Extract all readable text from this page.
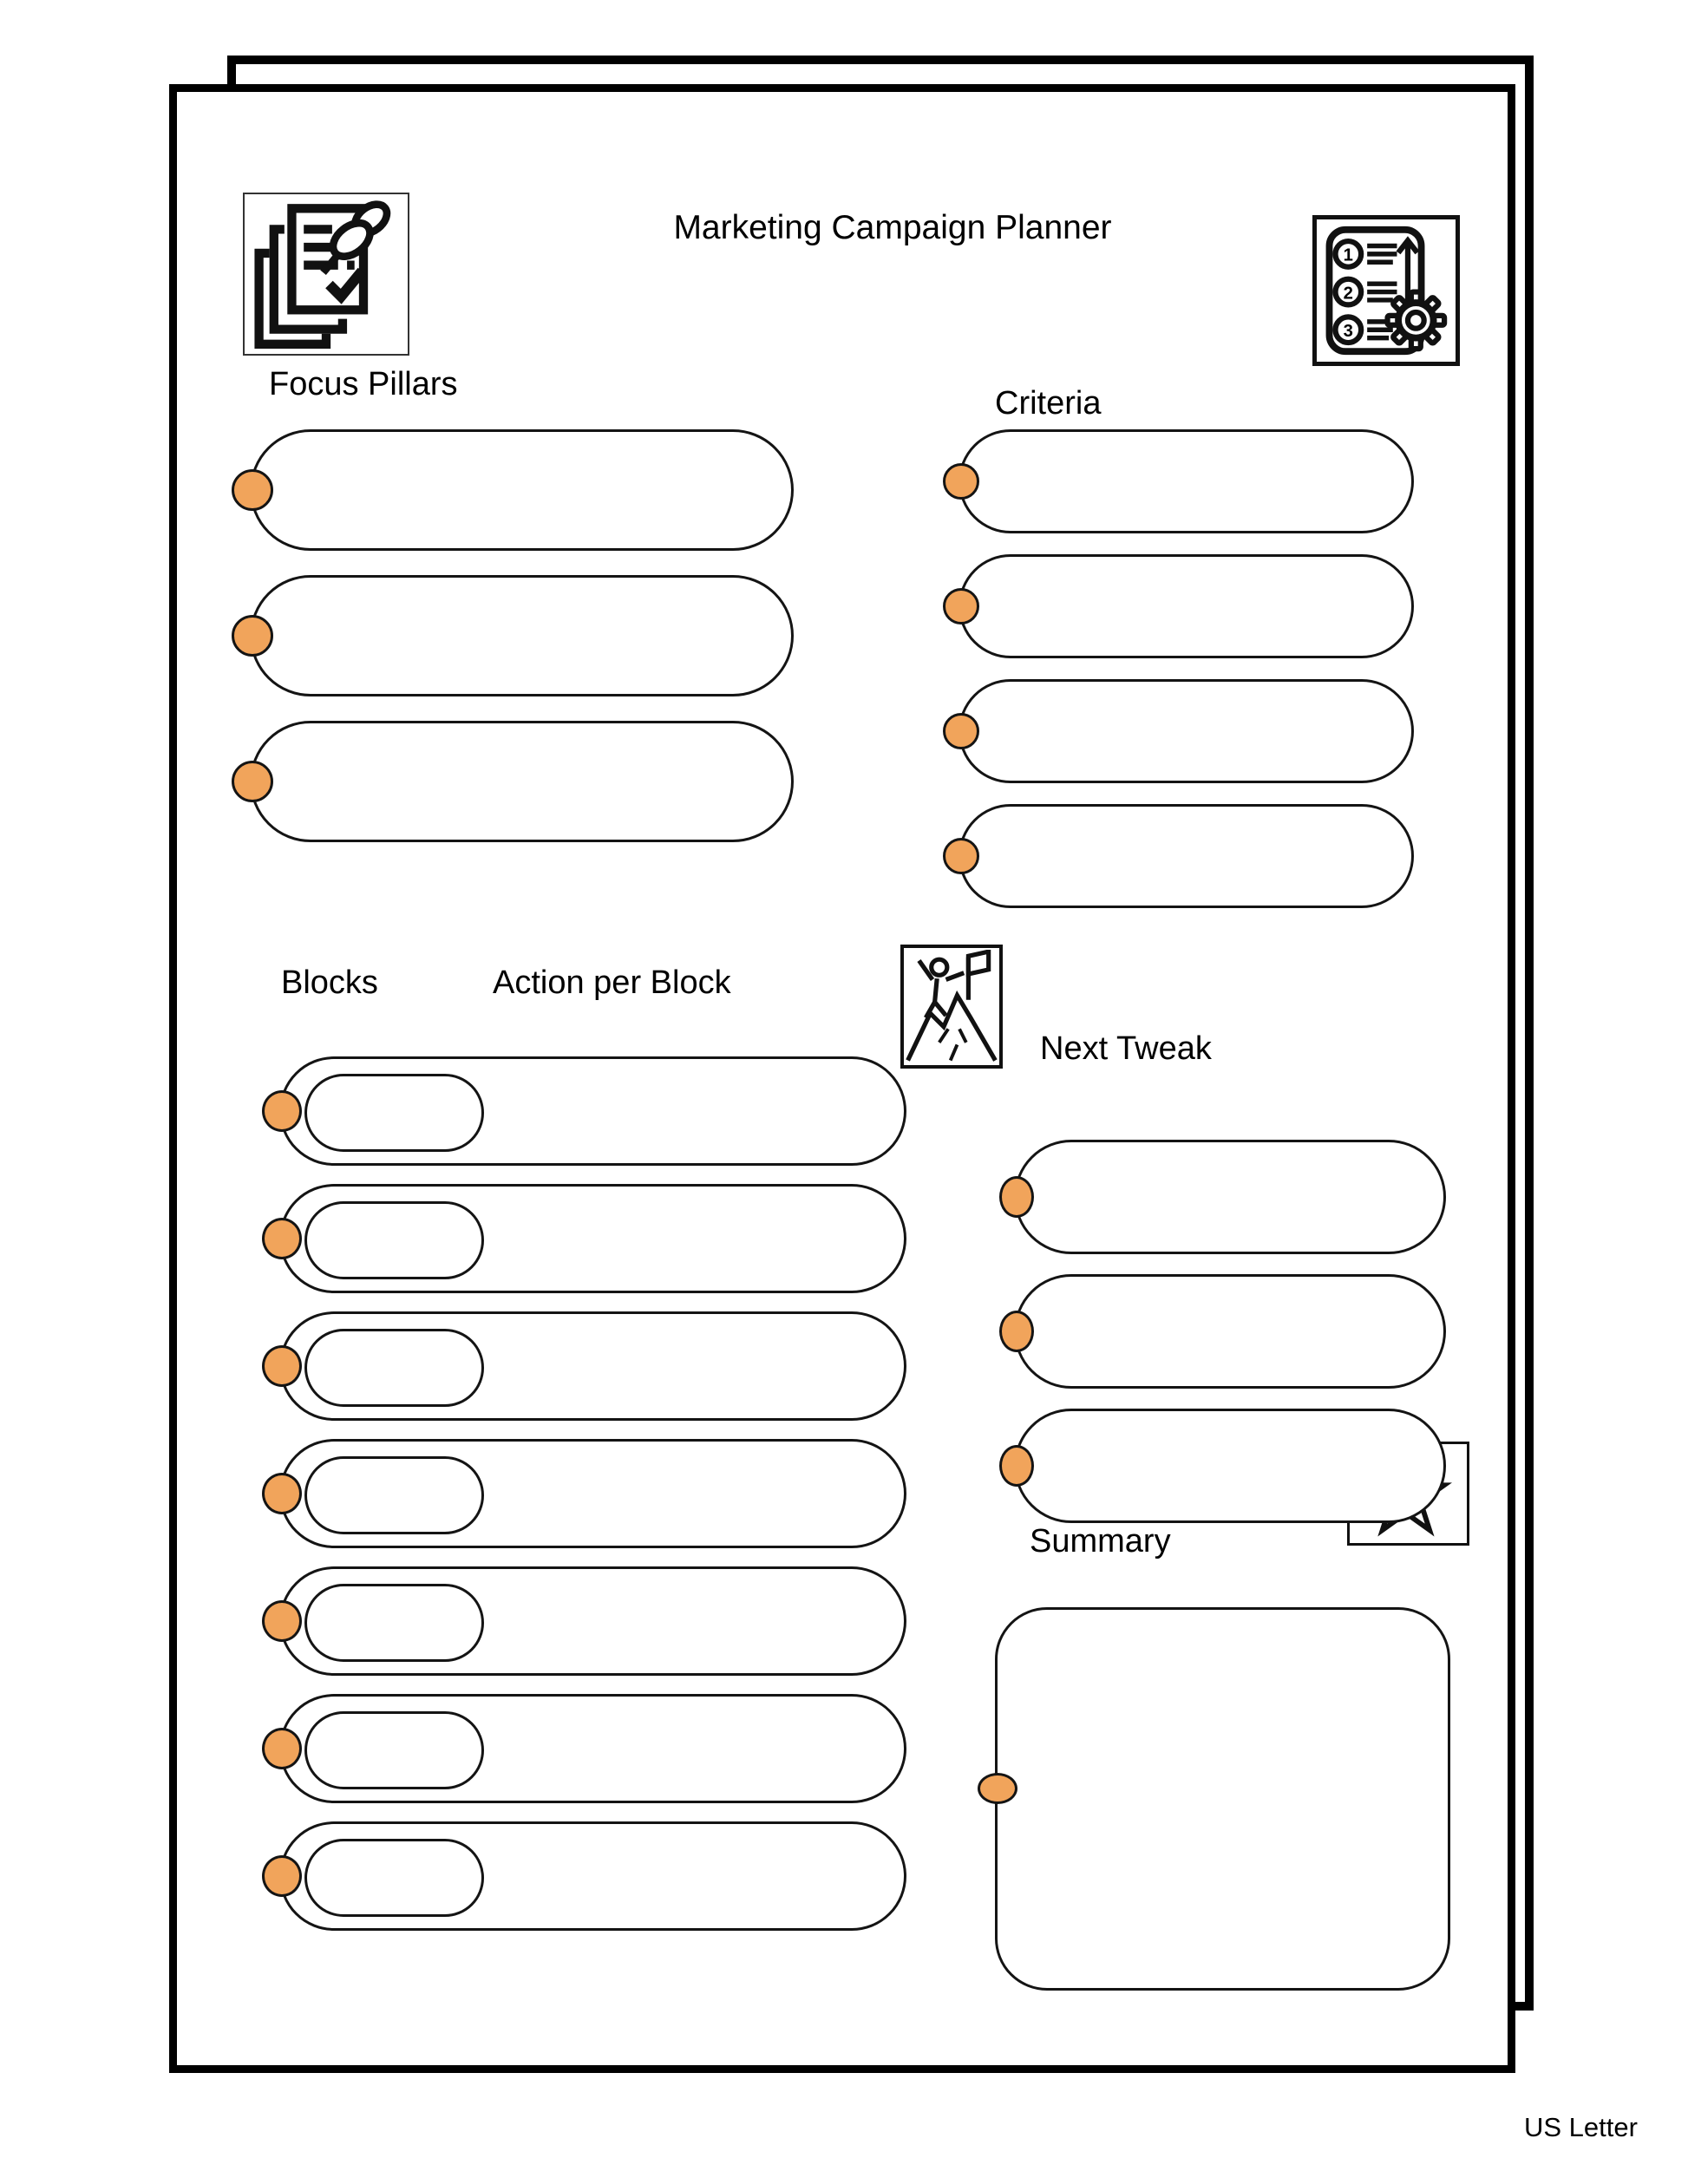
Marketing Campaign Planner
1
2
3
Focus Pillars
Criteria
Blocks	Action per Block
Next Tweak
Summary
US Letter
